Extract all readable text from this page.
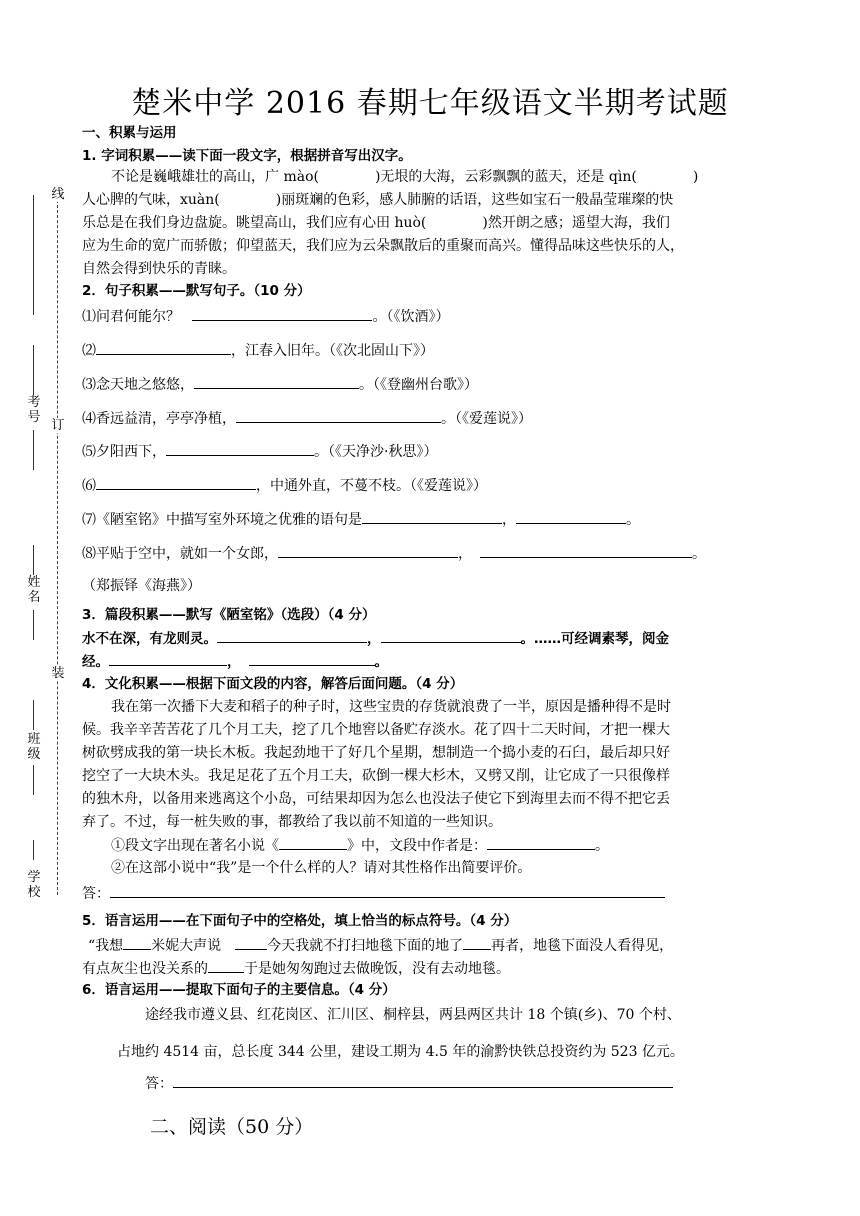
楚米中学 2016 春期七年级语文半期考试题
线
订
装
考号
姓名
班级
学校
一、积累与运用
1. 字词积累——读下面一段文字，根据拼音写出汉字。
不论是巍峨雄壮的高山，广 mào(	)无垠的大海，云彩飘飘的蓝天，还是 qìn(	)
人心脾的气味，xuàn(	)丽斑斓的色彩，感人肺腑的话语，这些如宝石一般晶莹璀璨的快
乐总是在我们身边盘旋。眺望高山，我们应有心田 huò(	)然开朗之感；遥望大海，我们
应为生命的宽广而骄傲；仰望蓝天，我们应为云朵飘散后的重聚而高兴。懂得品味这些快乐的人，
自然会得到快乐的青睐。
2．句子积累——默写句子。（10 分）
⑴问君何能尔？	。（《饮酒》）
⑵	，江春入旧年。（《次北固山下》）
⑶念天地之悠悠，	。（《登幽州台歌》）
⑷香远益清，亭亭净植，	。（《爱莲说》）
⑸夕阳西下，	。（《天净沙·秋思》）
⑹	，中通外直，不蔓不枝。（《爱莲说》）
⑺《陋室铭》中描写室外环境之优雅的语句是	，	。
⑻平贴于空中，就如一个女郎，	，	。
（郑振铎《海燕》）
3．篇段积累——默写《陋室铭》（选段）（4 分）
水不在深，有龙则灵。	，	。……可经调素琴，阅金
经。	，	。
4．文化积累——根据下面文段的内容，解答后面问题。（4 分）
我在第一次播下大麦和稻子的种子时，这些宝贵的存货就浪费了一半，原因是播种得不是时
候。我辛辛苦苦花了几个月工夫，挖了几个地窖以备贮存淡水。花了四十二天时间，才把一棵大
树砍劈成我的第一块长木板。我起劲地干了好几个星期，想制造一个捣小麦的石臼，最后却只好
挖空了一大块木头。我足足花了五个月工夫，砍倒一棵大杉木，又劈又削，让它成了一只很像样
的独木舟，以备用来逃离这个小岛，可结果却因为怎么也没法子使它下到海里去而不得不把它丢
弃了。不过，每一桩失败的事，都教给了我以前不知道的一些知识。
①段文字出现在著名小说《	》中，文段中作者是：	。
②在这部小说中“我”是一个什么样的人？请对其性格作出简要评价。
答：
5．语言运用——在下面句子中的空格处，填上恰当的标点符号。（4 分）
“我想 米妮大声说	今天我就不打扫地毯下面的地了 再者，地毯下面没人看得见，
有点灰尘也没关系的	于是她匆匆跑过去做晚饭，没有去动地毯。
6．语言运用——提取下面句子的主要信息。（4 分）
途经我市遵义县、红花岗区、汇川区、桐梓县，两县两区共计 18 个镇(乡)、70 个村、
占地约 4514 亩，总长度 344 公里，建设工期为 4.5 年的渝黔快铁总投资约为 523 亿元。
答：
二、阅读（50 分）
